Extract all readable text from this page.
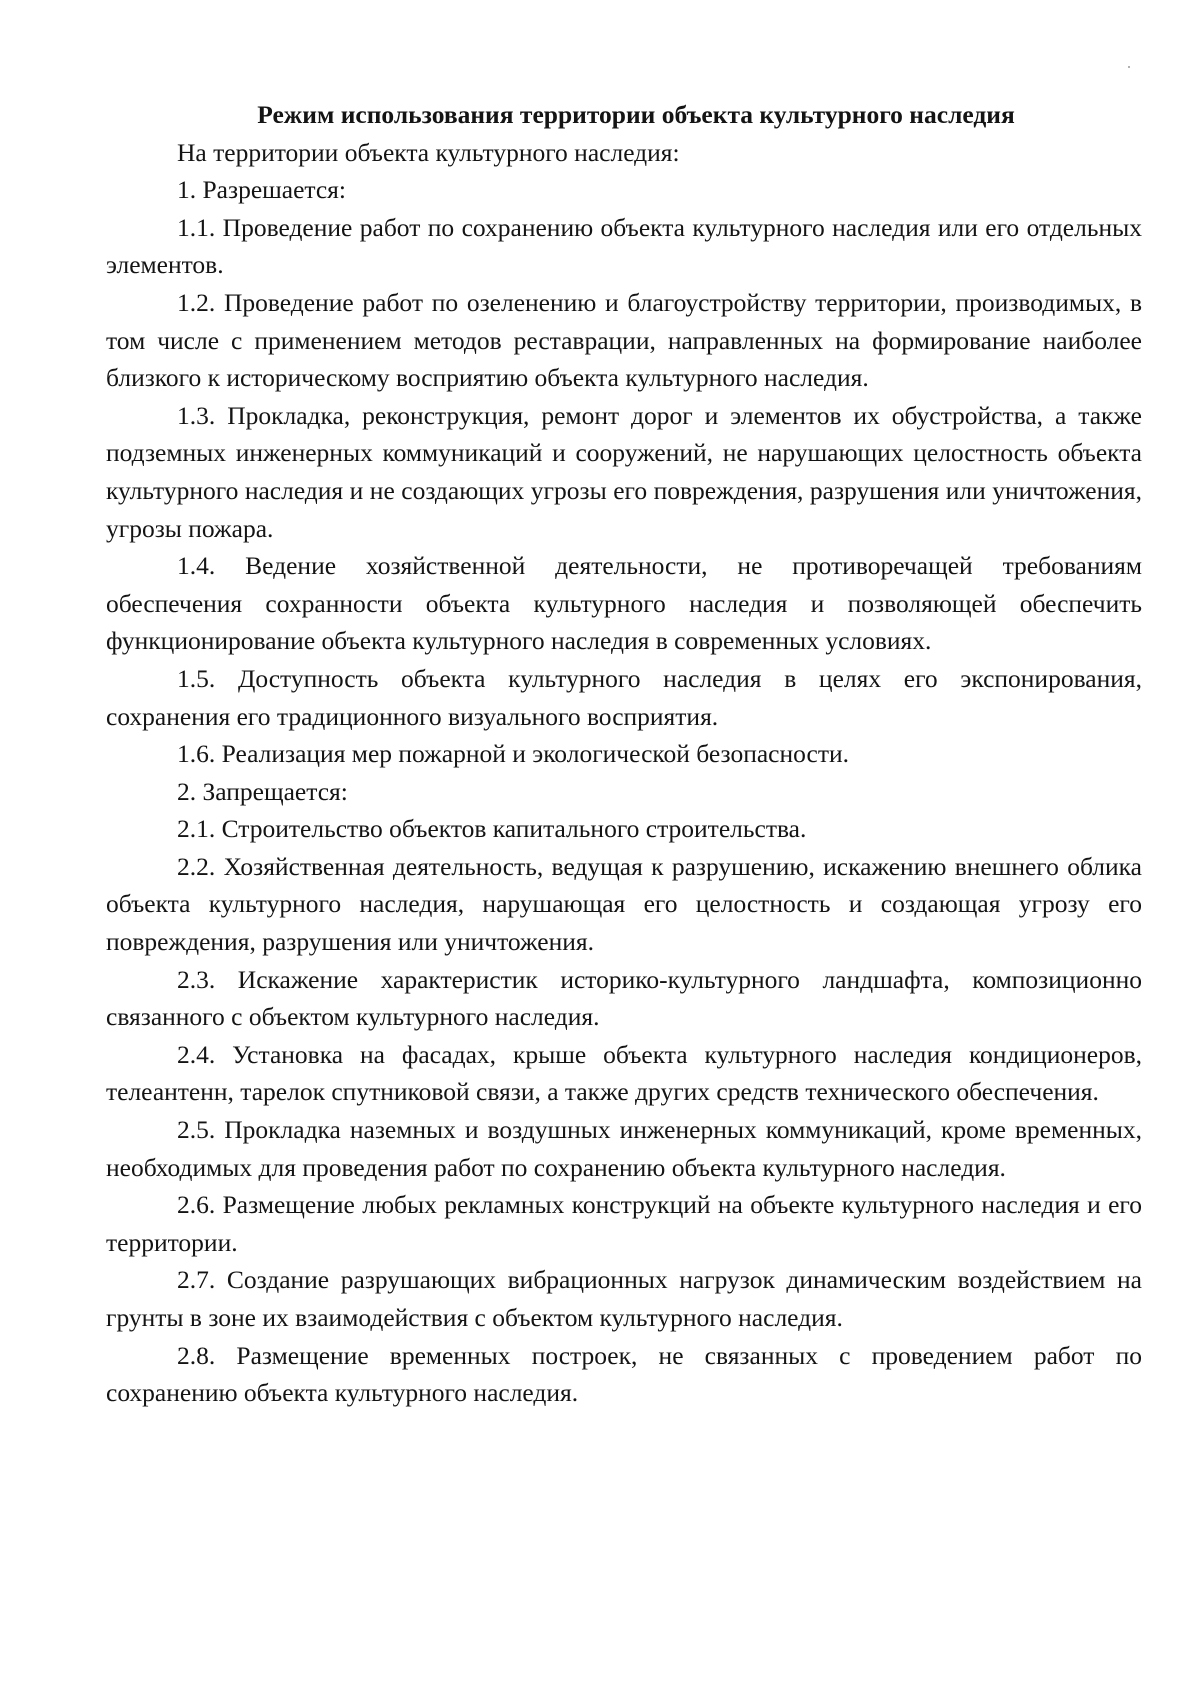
Режим использования территории объекта культурного наследия

На территории объекта культурного наследия:

1. Разрешается:

1.1. Проведение работ по сохранению объекта культурного наследия или его отдельных элементов.

1.2. Проведение работ по озеленению и благоустройству территории, производимых, в том числе с применением методов реставрации, направленных на формирование наиболее близкого к историческому восприятию объекта культурного наследия.

1.3. Прокладка, реконструкция, ремонт дорог и элементов их обустройства, а также подземных инженерных коммуникаций и сооружений, не нарушающих целостность объекта культурного наследия и не создающих угрозы его повреждения, разрушения или уничтожения, угрозы пожара.

1.4. Ведение хозяйственной деятельности, не противоречащей требованиям обеспечения сохранности объекта культурного наследия и позволяющей обеспечить функционирование объекта культурного наследия в современных условиях.

1.5. Доступность объекта культурного наследия в целях его экспонирования, сохранения его традиционного визуального восприятия.

1.6. Реализация мер пожарной и экологической безопасности.

2. Запрещается:

2.1. Строительство объектов капитального строительства.

2.2. Хозяйственная деятельность, ведущая к разрушению, искажению внешнего облика объекта культурного наследия, нарушающая его целостность и создающая угрозу его повреждения, разрушения или уничтожения.

2.3. Искажение характеристик историко-культурного ландшафта, композиционно связанного с объектом культурного наследия.

2.4. Установка на фасадах, крыше объекта культурного наследия кондиционеров, телеантенн, тарелок спутниковой связи, а также других средств технического обеспечения.

2.5. Прокладка наземных и воздушных инженерных коммуникаций, кроме временных, необходимых для проведения работ по сохранению объекта культурного наследия.

2.6. Размещение любых рекламных конструкций на объекте культурного наследия и его территории.

2.7. Создание разрушающих вибрационных нагрузок динамическим воздействием на грунты в зоне их взаимодействия с объектом культурного наследия.

2.8. Размещение временных построек, не связанных с проведением работ по сохранению объекта культурного наследия.
